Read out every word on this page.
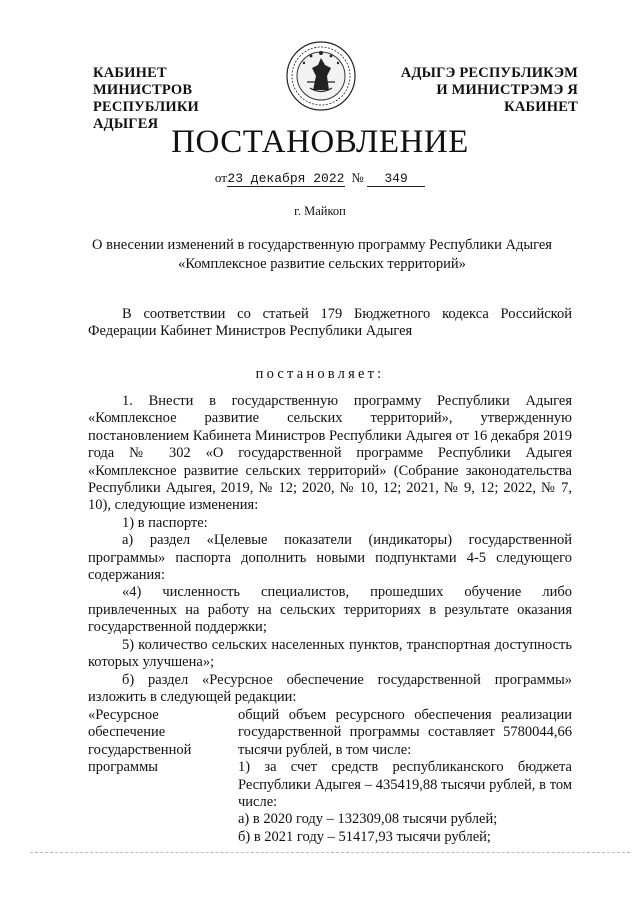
КАБИНЕТ МИНИСТРОВ
РЕСПУБЛИКИ АДЫГЕЯ
АДЫГЭ РЕСПУБЛИКЭМ
И МИНИСТРЭМЭ Я КАБИНЕТ
ПОСТАНОВЛЕНИЕ
от23 декабря 2022 № 349
г. Майкоп
О внесении изменений в государственную программу Республики Адыгея
«Комплексное развитие сельских территорий»
В соответствии со статьей 179 Бюджетного кодекса Российской Федерации Кабинет Министров Республики Адыгея
постановляет:

1. Внести в государственную программу Республики Адыгея «Комплексное развитие сельских территорий», утвержденную постановлением Кабинета Министров Республики Адыгея от 16 декабря 2019 года № 302 «О государственной программе Республики Адыгея «Комплексное развитие сельских территорий» (Собрание законодательства Республики Адыгея, 2019, № 12; 2020, № 10, 12; 2021, № 9, 12; 2022, № 7, 10), следующие изменения:

1) в паспорте:

а) раздел «Целевые показатели (индикаторы) государственной программы» паспорта дополнить новыми подпунктами 4-5 следующего содержания:

«4) численность специалистов, прошедших обучение либо привлеченных на работу на сельских территориях в результате оказания государственной поддержки;

5) количество сельских населенных пунктов, транспортная доступность которых улучшена»;

б) раздел «Ресурсное обеспечение государственной программы» изложить в следующей редакции:

«Ресурсное обеспечение государственной программы

общий объем ресурсного обеспечения реализации государственной программы составляет 5780044,66 тысячи рублей, в том числе:

1) за счет средств республиканского бюджета Республики Адыгея – 435419,88 тысячи рублей, в том числе:

а) в 2020 году – 132309,08 тысячи рублей;

б) в 2021 году – 51417,93 тысячи рублей;
